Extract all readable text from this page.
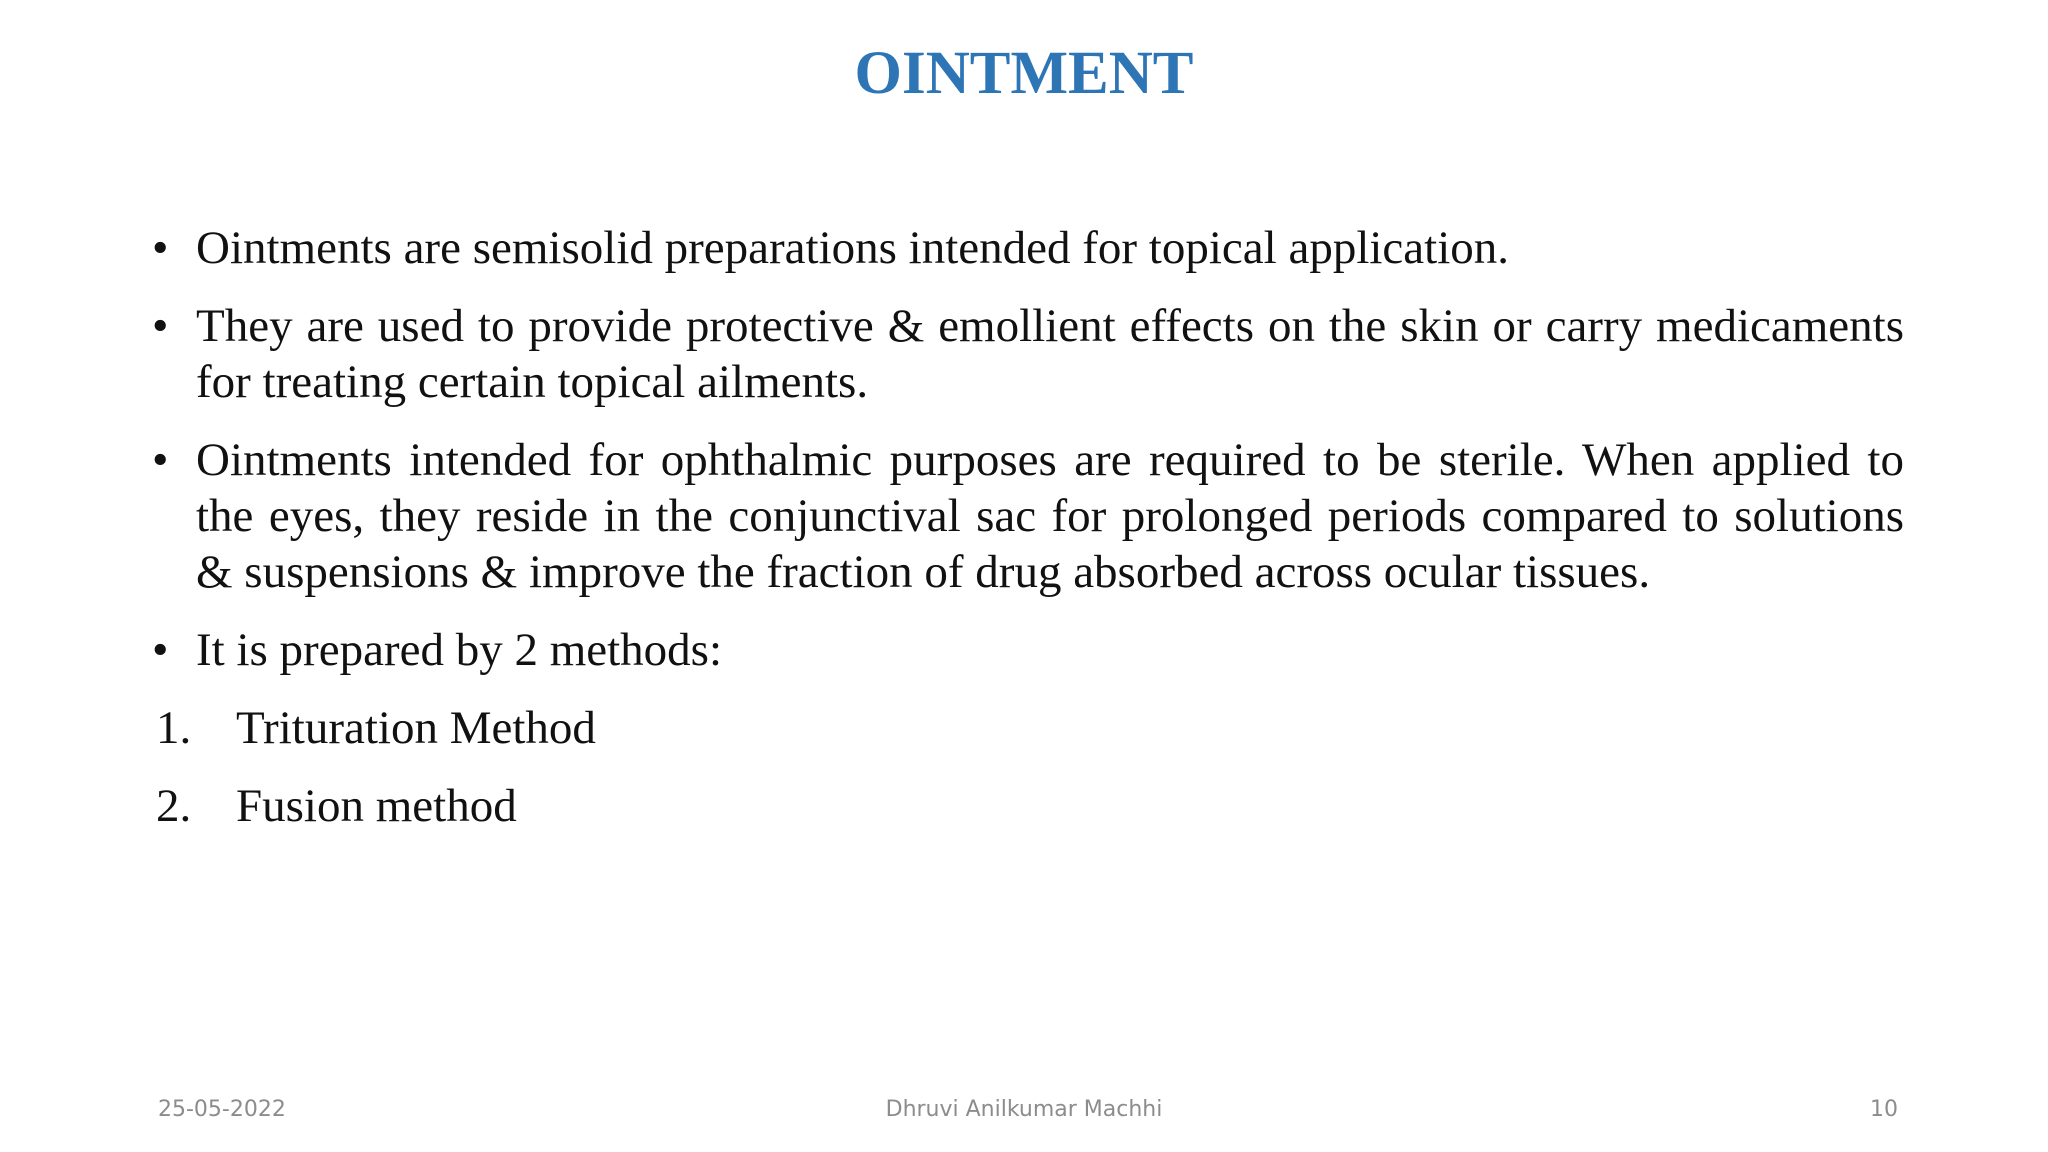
OINTMENT
• Ointments are semisolid preparations intended for topical application.
• They are used to provide protective & emollient effects on the skin or carry medicaments for treating certain topical ailments.
• Ointments intended for ophthalmic purposes are required to be sterile. When applied to the eyes, they reside in the conjunctival sac for prolonged periods compared to solutions & suspensions & improve the fraction of drug absorbed across ocular tissues.
• It is prepared by 2 methods:
1. Trituration Method
2. Fusion method
25-05-2022	Dhruvi Anilkumar Machhi	10
